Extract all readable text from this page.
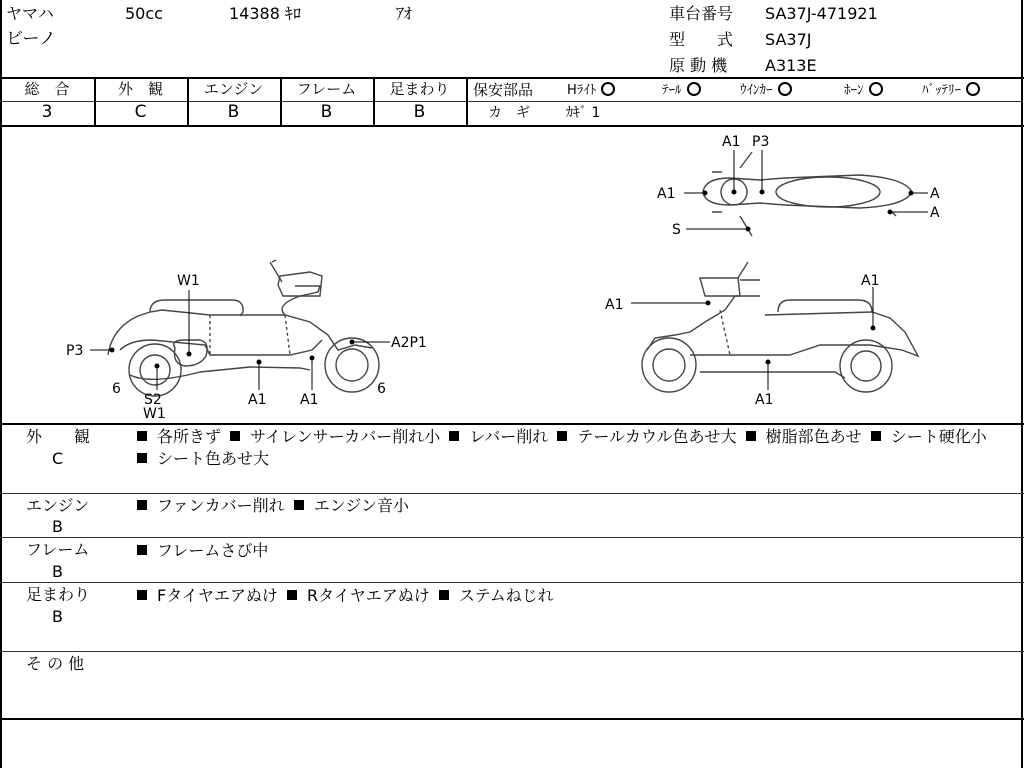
ヤマハ	50cc	14388 ｷﾛ	ｱｵ
ビーノ
車台番号 SA37J-471921
型　　式 SA37J
原 動 機 A313E
総　合
3
外　観
C
エンジン
B
フレーム
B
足まわり
B
保安部品	Hﾗｲﾄ	ﾃｰﾙ	ｳｲﾝｶｰ	ﾎｰﾝ	ﾊﾞｯﾃﾘｰ
カ　ギ	ｶｷﾞ 1
W1
P3
6
S2
W1
A1 A1
A2P1
6
A1 P3
A1	A
A
S
A1
A1
A1
外　　観
C
各所きず サイレンサーカバー削れ小 レバー削れ テールカウル色あせ大 樹脂部色あせ シート硬化小 シート色あせ大
エンジン
B
ファンカバー削れ エンジン音小
フレーム
B
フレームさび中
足まわり
B
Fタイヤエアぬけ Rタイヤエアぬけ ステムねじれ
そ の 他
